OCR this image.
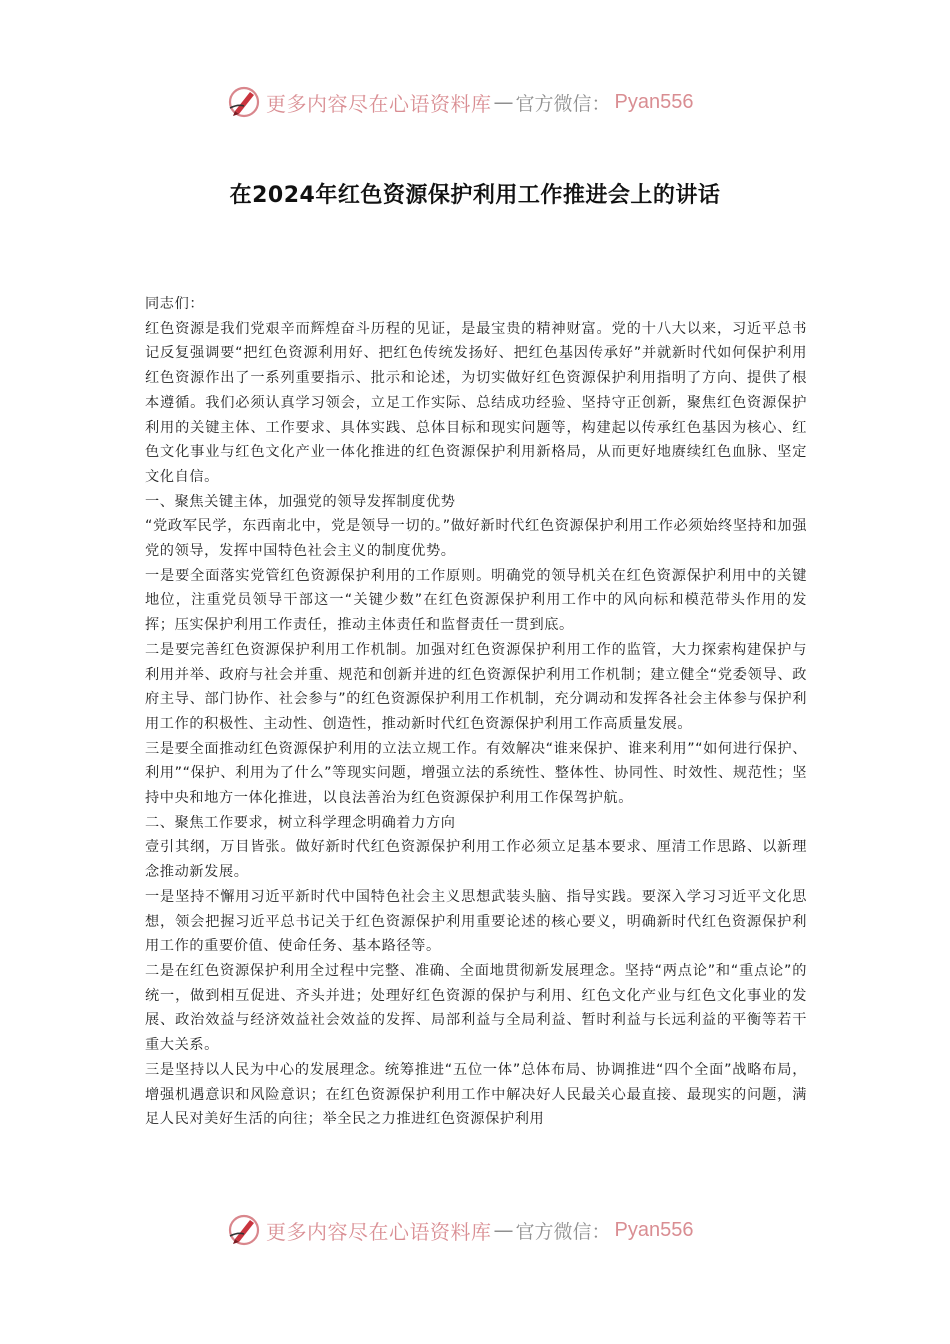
更多内容尽在心语资料库 — 官方微信： Pyan556
在2024年红色资源保护利用工作推进会上的讲话

同志们：

红色资源是我们党艰辛而辉煌奋斗历程的见证，是最宝贵的精神财富。党的十八大以来，习近平总书记反复强调要“把红色资源利用好、把红色传统发扬好、把红色基因传承好”并就新时代如何保护利用红色资源作出了一系列重要指示、批示和论述，为切实做好红色资源保护利用指明了方向、提供了根本遵循。我们必须认真学习领会，立足工作实际、总结成功经验、坚持守正创新，聚焦红色资源保护利用的关键主体、工作要求、具体实践、总体目标和现实问题等，构建起以传承红色基因为核心、红色文化事业与红色文化产业一体化推进的红色资源保护利用新格局，从而更好地赓续红色血脉、坚定文化自信。

一、聚焦关键主体，加强党的领导发挥制度优势

“党政军民学，东西南北中，党是领导一切的。”做好新时代红色资源保护利用工作必须始终坚持和加强党的领导，发挥中国特色社会主义的制度优势。

一是要全面落实党管红色资源保护利用的工作原则。明确党的领导机关在红色资源保护利用中的关键地位，注重党员领导干部这一“关键少数”在红色资源保护利用工作中的风向标和模范带头作用的发挥；压实保护利用工作责任，推动主体责任和监督责任一贯到底。

二是要完善红色资源保护利用工作机制。加强对红色资源保护利用工作的监管，大力探索构建保护与利用并举、政府与社会并重、规范和创新并进的红色资源保护利用工作机制；建立健全“党委领导、政府主导、部门协作、社会参与”的红色资源保护利用工作机制，充分调动和发挥各社会主体参与保护利用工作的积极性、主动性、创造性，推动新时代红色资源保护利用工作高质量发展。

三是要全面推动红色资源保护利用的立法立规工作。有效解决“谁来保护、谁来利用”“如何进行保护、利用”“保护、利用为了什么”等现实问题，增强立法的系统性、整体性、协同性、时效性、规范性；坚持中央和地方一体化推进，以良法善治为红色资源保护利用工作保驾护航。

二、聚焦工作要求，树立科学理念明确着力方向

壹引其纲，万目皆张。做好新时代红色资源保护利用工作必须立足基本要求、厘清工作思路、以新理念推动新发展。

一是坚持不懈用习近平新时代中国特色社会主义思想武装头脑、指导实践。要深入学习习近平文化思想，领会把握习近平总书记关于红色资源保护利用重要论述的核心要义，明确新时代红色资源保护利用工作的重要价值、使命任务、基本路径等。

二是在红色资源保护利用全过程中完整、准确、全面地贯彻新发展理念。坚持“两点论”和“重点论”的统一，做到相互促进、齐头并进；处理好红色资源的保护与利用、红色文化产业与红色文化事业的发展、政治效益与经济效益社会效益的发挥、局部利益与全局利益、暂时利益与长远利益的平衡等若干重大关系。

三是坚持以人民为中心的发展理念。统筹推进“五位一体”总体布局、协调推进“四个全面”战略布局，增强机遇意识和风险意识；在红色资源保护利用工作中解决好人民最关心最直接、最现实的问题，满足人民对美好生活的向往；举全民之力推进红色资源保护利用

更多内容尽在心语资料库 — 官方微信： Pyan556
